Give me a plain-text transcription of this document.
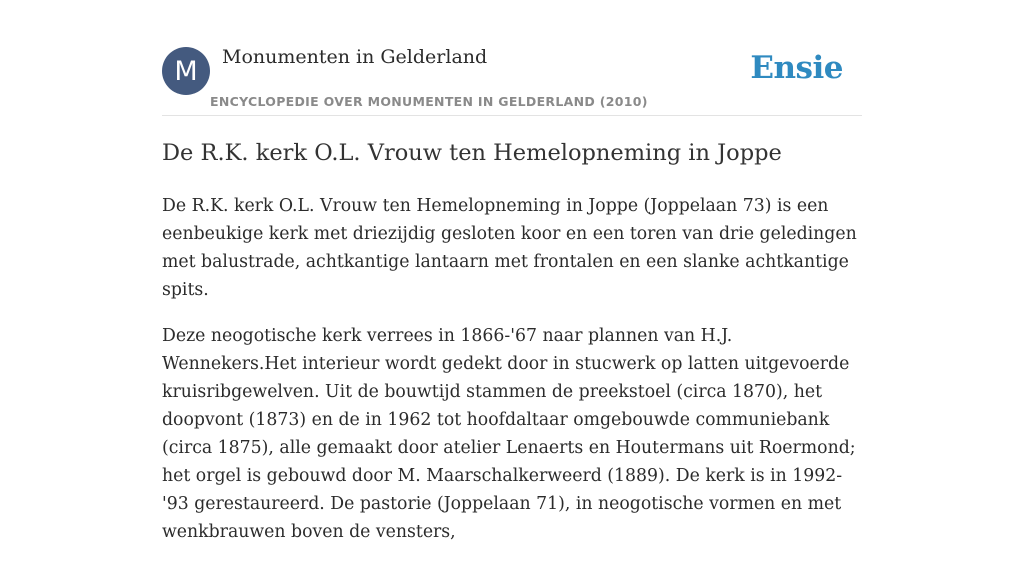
M Monumenten in Gelderland
ENCYCLOPEDIE OVER MONUMENTEN IN GELDERLAND (2010)
Ensie
De R.K. kerk O.L. Vrouw ten Hemelopneming in Joppe

De R.K. kerk O.L. Vrouw ten Hemelopneming in Joppe (Joppelaan 73) is een eenbeukige kerk met driezijdig gesloten koor en een toren van drie geledingen met balustrade, achtkantige lantaarn met frontalen en een slanke achtkantige spits.

Deze neogotische kerk verrees in 1866-'67 naar plannen van H.J. Wennekers.Het interieur wordt gedekt door in stucwerk op latten uitgevoerde kruisribgewelven. Uit de bouwtijd stammen de preekstoel (circa 1870), het doopvont (1873) en de in 1962 tot hoofdaltaar omgebouwde communiebank (circa 1875), alle gemaakt door atelier Lenaerts en Houtermans uit Roermond; het orgel is gebouwd door M. Maarschalkerweerd (1889). De kerk is in 1992-'93 gerestaureerd. De pastorie (Joppelaan 71), in neogotische vormen en met wenkbrauwen boven de vensters,
